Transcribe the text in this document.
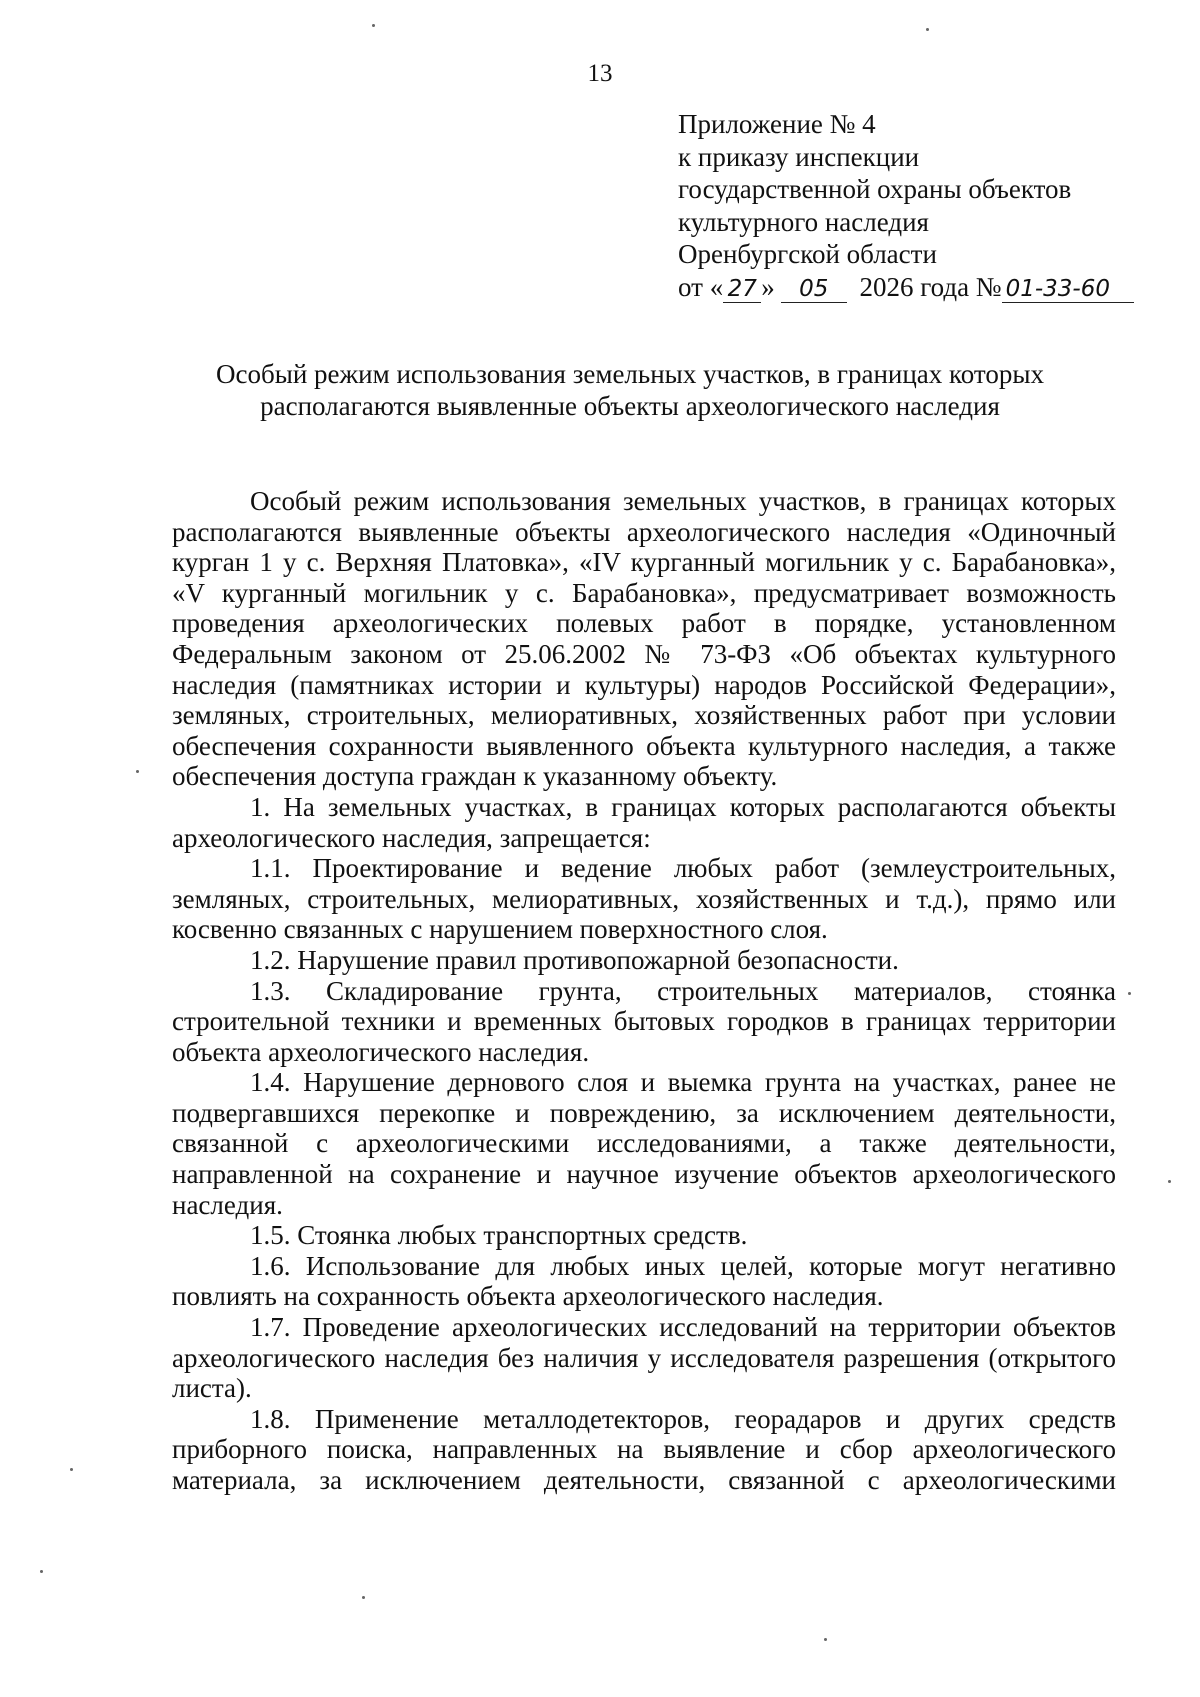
13
Приложение № 4
к приказу инспекции
государственной охраны объектов
культурного наследия
Оренбургской области
от « 27 » 05 2026 года № 01-33-60
Особый режим использования земельных участков, в границах которых
располагаются выявленные объекты археологического наследия

Особый режим использования земельных участков, в границах которых располагаются выявленные объекты археологического наследия «Одиночный курган 1 у с. Верхняя Платовка», «IV курганный могильник у с. Барабановка», «V курганный могильник у с. Барабановка», предусматривает возможность проведения археологических полевых работ в порядке, установленном Федеральным законом от 25.06.2002 № 73-ФЗ «Об объектах культурного наследия (памятниках истории и культуры) народов Российской Федерации», земляных, строительных, мелиоративных, хозяйственных работ при условии обеспечения сохранности выявленного объекта культурного наследия, а также обеспечения доступа граждан к указанному объекту.

1. На земельных участках, в границах которых располагаются объекты археологического наследия, запрещается:

1.1. Проектирование и ведение любых работ (землеустроительных, земляных, строительных, мелиоративных, хозяйственных и т.д.), прямо или косвенно связанных с нарушением поверхностного слоя.

1.2. Нарушение правил противопожарной безопасности.

1.3. Складирование грунта, строительных материалов, стоянка строительной техники и временных бытовых городков в границах территории объекта археологического наследия.

1.4. Нарушение дернового слоя и выемка грунта на участках, ранее не подвергавшихся перекопке и повреждению, за исключением деятельности, связанной с археологическими исследованиями, а также деятельности, направленной на сохранение и научное изучение объектов археологического наследия.

1.5. Стоянка любых транспортных средств.

1.6. Использование для любых иных целей, которые могут негативно повлиять на сохранность объекта археологического наследия.

1.7. Проведение археологических исследований на территории объектов археологического наследия без наличия у исследователя разрешения (открытого листа).

1.8. Применение металлодетекторов, георадаров и других средств приборного поиска, направленных на выявление и сбор археологического материала, за исключением деятельности, связанной с археологическими
